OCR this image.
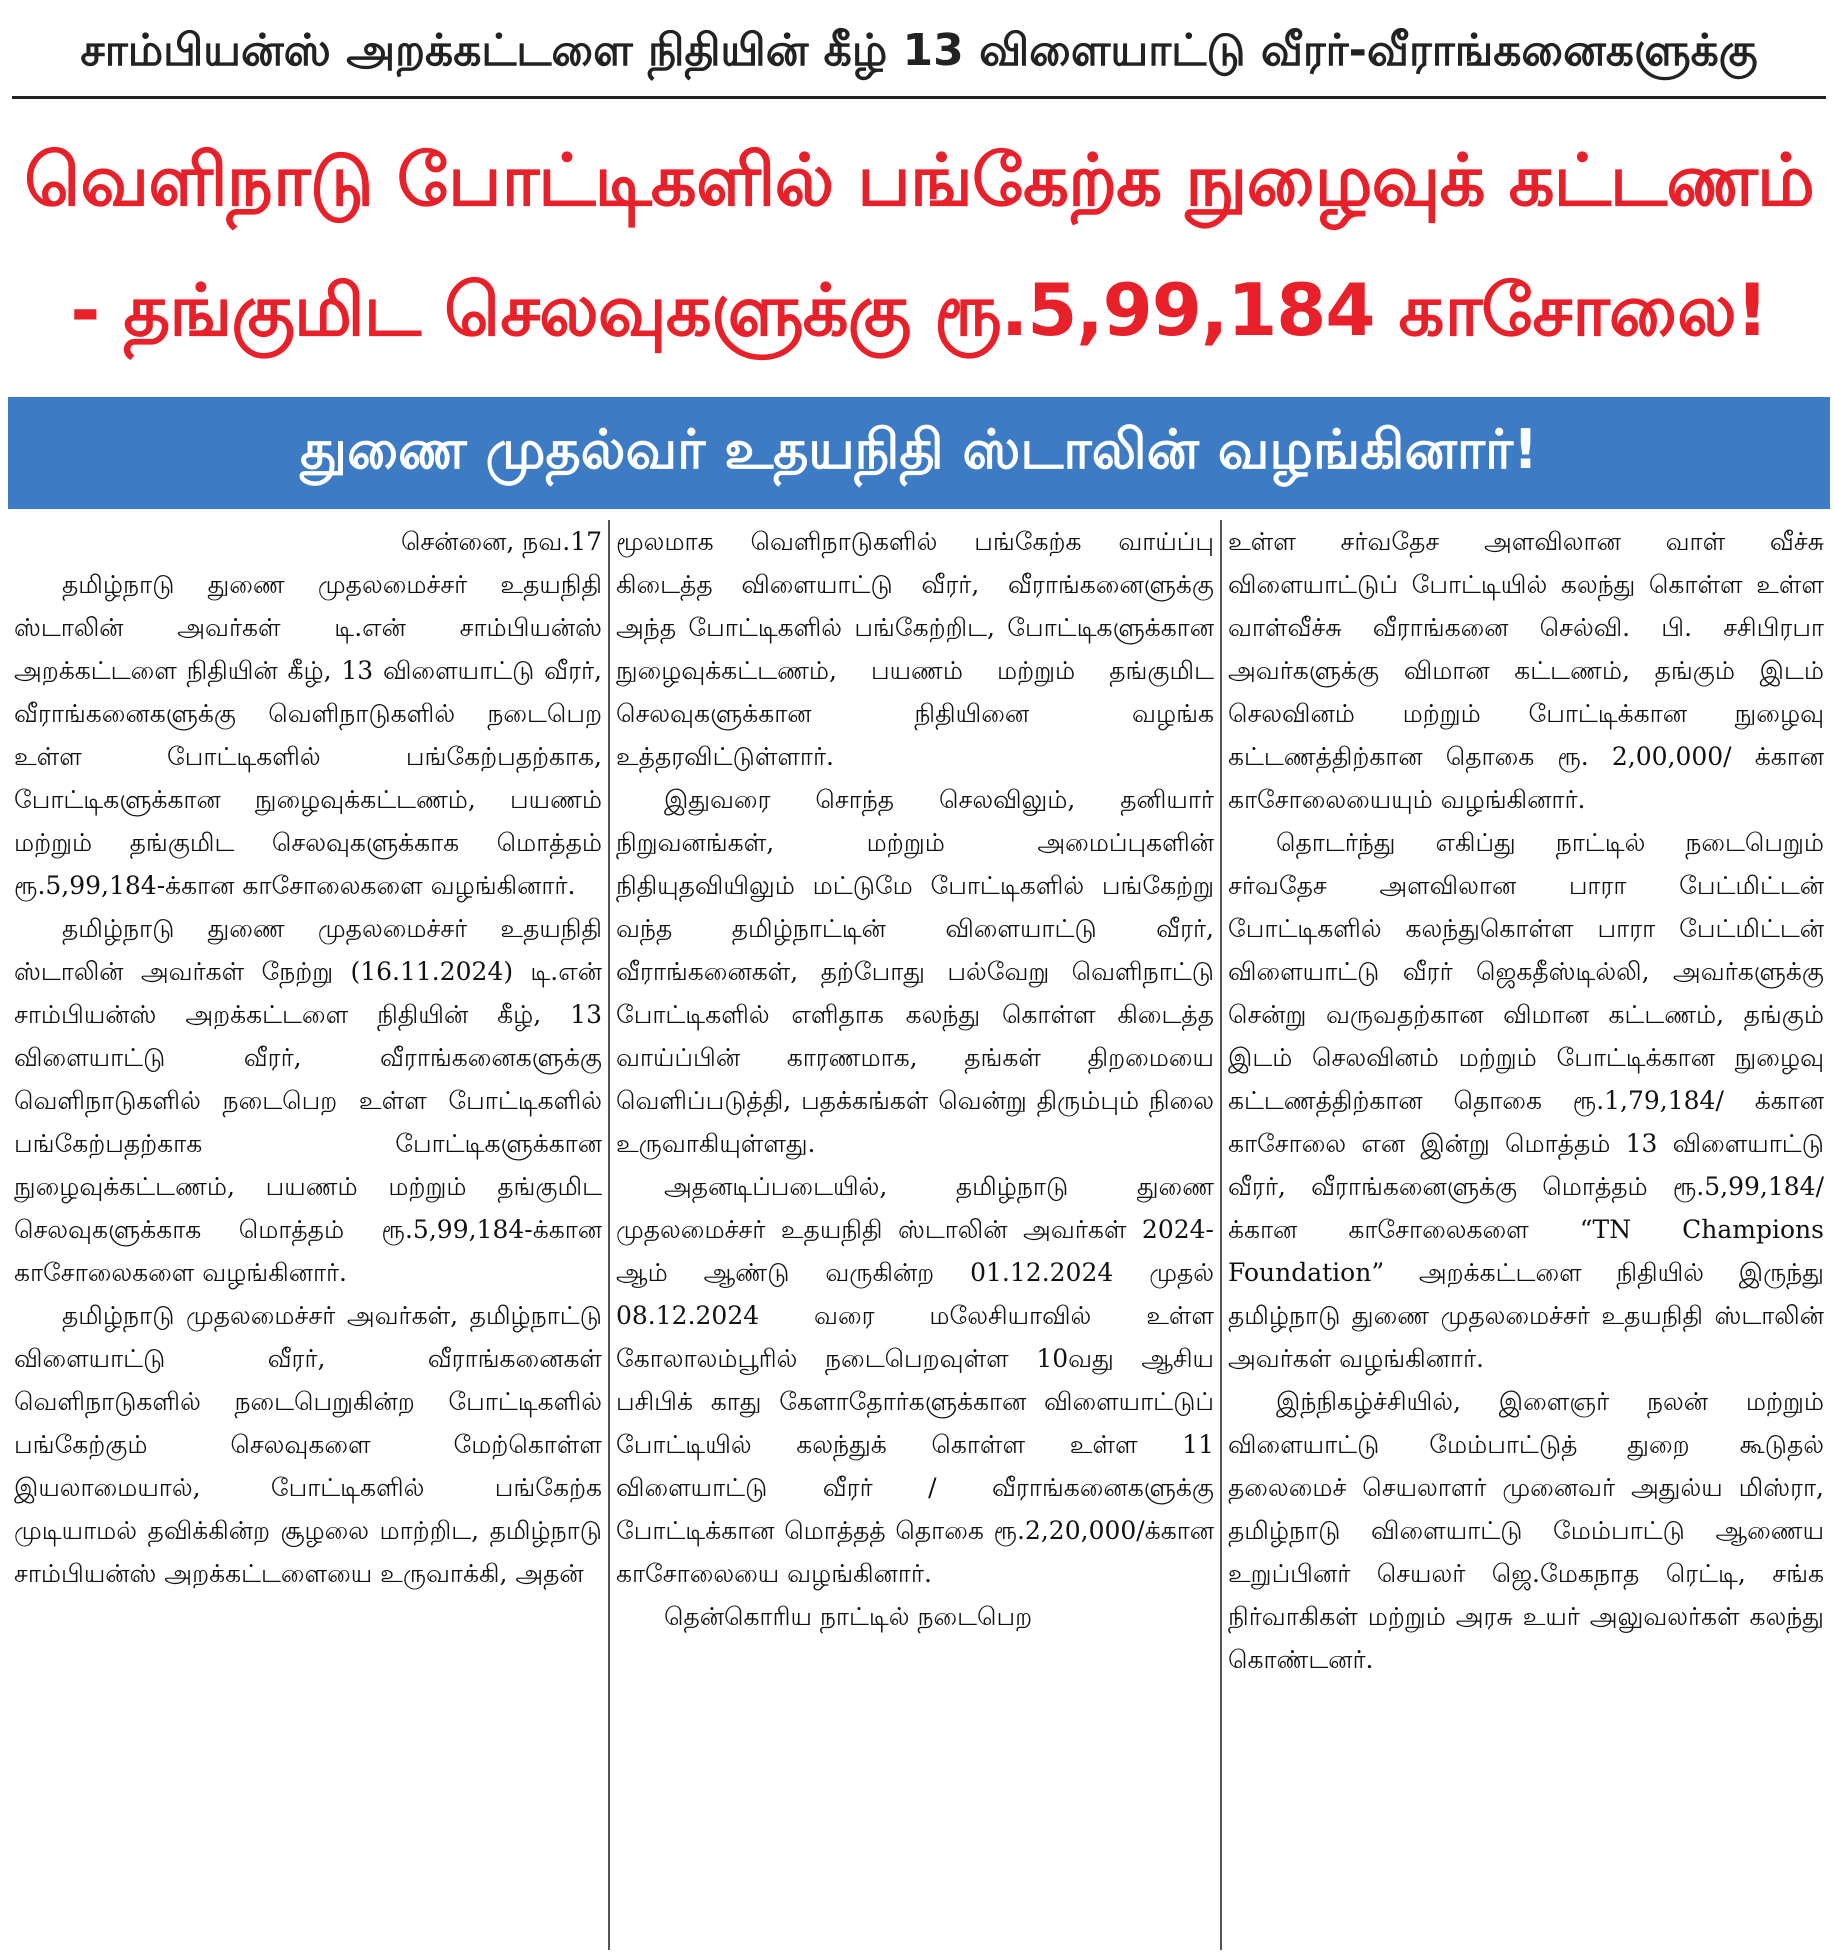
சாம்பியன்ஸ் அறக்கட்டளை நிதியின் கீழ் 13 விளையாட்டு வீரர்-வீராங்கனைகளுக்கு
வெளிநாடு போட்டிகளில் பங்கேற்க நுழைவுக் கட்டணம்
- தங்குமிட செலவுகளுக்கு ரூ.5,99,184 காசோலை!
துணை முதல்வர் உதயநிதி ஸ்டாலின் வழங்கினார்!

சென்னை, நவ.17

தமிழ்நாடு துணை முதலமைச்சர் உதயநிதி ஸ்டாலின் அவர்கள் டி.என் சாம்பியன்ஸ் அறக்கட்டளை நிதியின் கீழ், 13 விளையாட்டு வீரர், வீராங்கனைகளுக்கு வெளிநாடுகளில் நடைபெற உள்ள போட்டிகளில் பங்கேற்பதற்காக, போட்டிகளுக்கான நுழைவுக்கட்டணம், பயணம் மற்றும் தங்குமிட செலவுகளுக்காக மொத்தம் ரூ.5,99,184-க்கான காசோலைகளை வழங்கினார்.

தமிழ்நாடு துணை முதலமைச்சர் உதயநிதி ஸ்டாலின் அவர்கள் நேற்று (16.11.2024) டி.என் சாம்பியன்ஸ் அறக்கட்டளை நிதியின் கீழ், 13 விளையாட்டு வீரர், வீராங்கனைகளுக்கு வெளிநாடுகளில் நடைபெற உள்ள போட்டிகளில் பங்கேற்பதற்காக போட்டிகளுக்கான நுழைவுக்கட்டணம், பயணம் மற்றும் தங்குமிட செலவுகளுக்காக மொத்தம் ரூ.5,99,184-க்கான காசோலைகளை வழங்கினார்.

தமிழ்நாடு முதலமைச்சர் அவர்கள், தமிழ்நாட்டு விளையாட்டு வீரர், வீராங்கனைகள் வெளிநாடுகளில் நடைபெறுகின்ற போட்டிகளில் பங்கேற்கும் செலவுகளை மேற்கொள்ள இயலாமையால், போட்டிகளில் பங்கேற்க முடியாமல் தவிக்கின்ற சூழலை மாற்றிட, தமிழ்நாடு சாம்பியன்ஸ் அறக்கட்டளையை உருவாக்கி, அதன்

மூலமாக வெளிநாடுகளில் பங்கேற்க வாய்ப்பு கிடைத்த விளையாட்டு வீரர், வீராங்கனைளுக்கு அந்த போட்டிகளில் பங்கேற்றிட, போட்டிகளுக்கான நுழைவுக்கட்டணம், பயணம் மற்றும் தங்குமிட செலவுகளுக்கான நிதியினை வழங்க உத்தரவிட்டுள்ளார்.

இதுவரை சொந்த செலவிலும், தனியார் நிறுவனங்கள், மற்றும் அமைப்புகளின் நிதியுதவியிலும் மட்டுமே போட்டிகளில் பங்கேற்று வந்த தமிழ்நாட்டின் விளையாட்டு வீரர், வீராங்கனைகள், தற்போது பல்வேறு வெளிநாட்டு போட்டிகளில் எளிதாக கலந்து கொள்ள கிடைத்த வாய்ப்பின் காரணமாக, தங்கள் திறமையை வெளிப்படுத்தி, பதக்கங்கள் வென்று திரும்பும் நிலை உருவாகியுள்ளது.

அதனடிப்படையில், தமிழ்நாடு துணை முதலமைச்சர் உதயநிதி ஸ்டாலின் அவர்கள் 2024-ஆம் ஆண்டு வருகின்ற 01.12.2024 முதல் 08.12.2024 வரை மலேசியாவில் உள்ள கோலாலம்பூரில் நடைபெறவுள்ள 10வது ஆசிய பசிபிக் காது கேளாதோர்களுக்கான விளையாட்டுப் போட்டியில் கலந்துக் கொள்ள உள்ள 11 விளையாட்டு வீரர் / வீராங்கனைகளுக்கு போட்டிக்கான மொத்தத் தொகை ரூ.2,20,000/க்கான காசோலையை வழங்கினார்.

தென்கொரிய நாட்டில் நடைபெற

உள்ள சர்வதேச அளவிலான வாள் வீச்சு விளையாட்டுப் போட்டியில் கலந்து கொள்ள உள்ள வாள்வீச்சு வீராங்கனை செல்வி. பி. சசிபிரபா அவர்களுக்கு விமான கட்டணம், தங்கும் இடம் செலவினம் மற்றும் போட்டிக்கான நுழைவு கட்டணத்திற்கான தொகை ரூ. 2,00,000/ க்கான காசோலையையும் வழங்கினார்.

தொடர்ந்து எகிப்து நாட்டில் நடைபெறும் சர்வதேச அளவிலான பாரா பேட்மிட்டன் போட்டிகளில் கலந்துகொள்ள பாரா பேட்மிட்டன் விளையாட்டு வீரர் ஜெகதீஸ்டில்லி, அவர்களுக்கு சென்று வருவதற்கான விமான கட்டணம், தங்கும் இடம் செலவினம் மற்றும் போட்டிக்கான நுழைவு கட்டணத்திற்கான தொகை ரூ.1,79,184/ க்கான காசோலை என இன்று மொத்தம் 13 விளையாட்டு வீரர், வீராங்கனைளுக்கு மொத்தம் ரூ.5,99,184/க்கான காசோலைகளை “TN Champions Foundation” அறக்கட்டளை நிதியில் இருந்து தமிழ்நாடு துணை முதலமைச்சர் உதயநிதி ஸ்டாலின் அவர்கள் வழங்கினார்.

இந்நிகழ்ச்சியில், இளைஞர் நலன் மற்றும் விளையாட்டு மேம்பாட்டுத் துறை கூடுதல் தலைமைச் செயலாளர் முனைவர் அதுல்ய மிஸ்ரா, தமிழ்நாடு விளையாட்டு மேம்பாட்டு ஆணைய உறுப்பினர் செயலர் ஜெ.மேகநாத ரெட்டி, சங்க நிர்வாகிகள் மற்றும் அரசு உயர் அலுவலர்கள் கலந்து கொண்டனர்.
